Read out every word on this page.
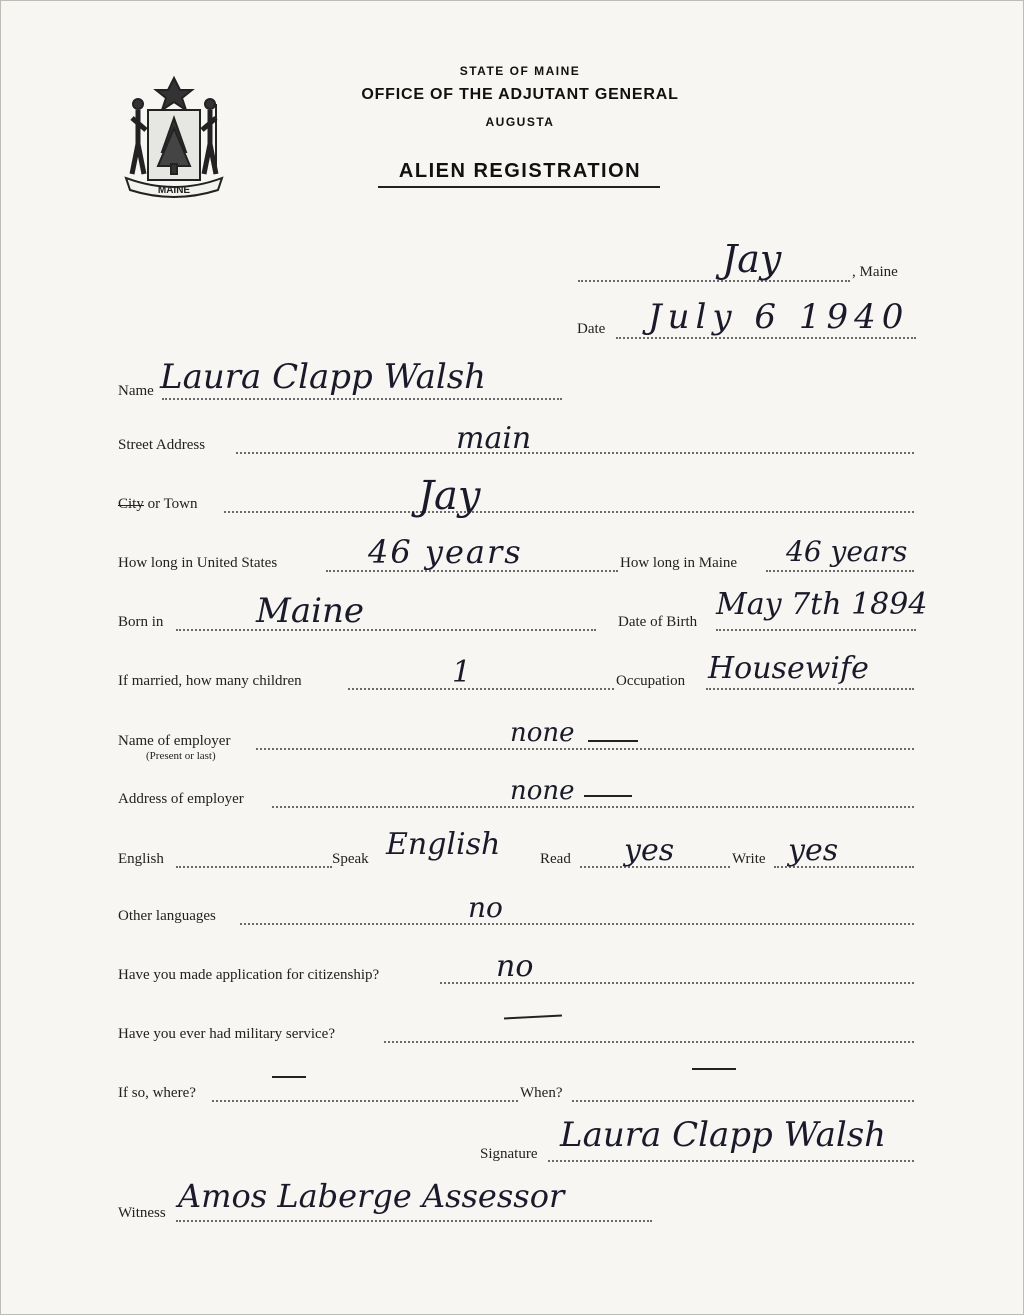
MAINE
STATE OF MAINE
OFFICE OF THE ADJUTANT GENERAL
AUGUSTA
ALIEN REGISTRATION
Jay	, Maine
Date July 6 1940
Name Laura Clapp Walsh
Street Address	main
City or Town	Jay
How long in United States	46 years	How long in Maine 46 years
Born in	Maine	Date of Birth May 7th 1894
If married, how many children	1	Occupation Housewife
Name of employer
(Present or last)
none
Address of employer	none
English	Speak English	Read yes	Write yes
Other languages	no
Have you made application for citizenship?	no
Have you ever had military service?
If so, where?	When?
Signature Laura Clapp Walsh
Witness Amos Laberge Assessor
